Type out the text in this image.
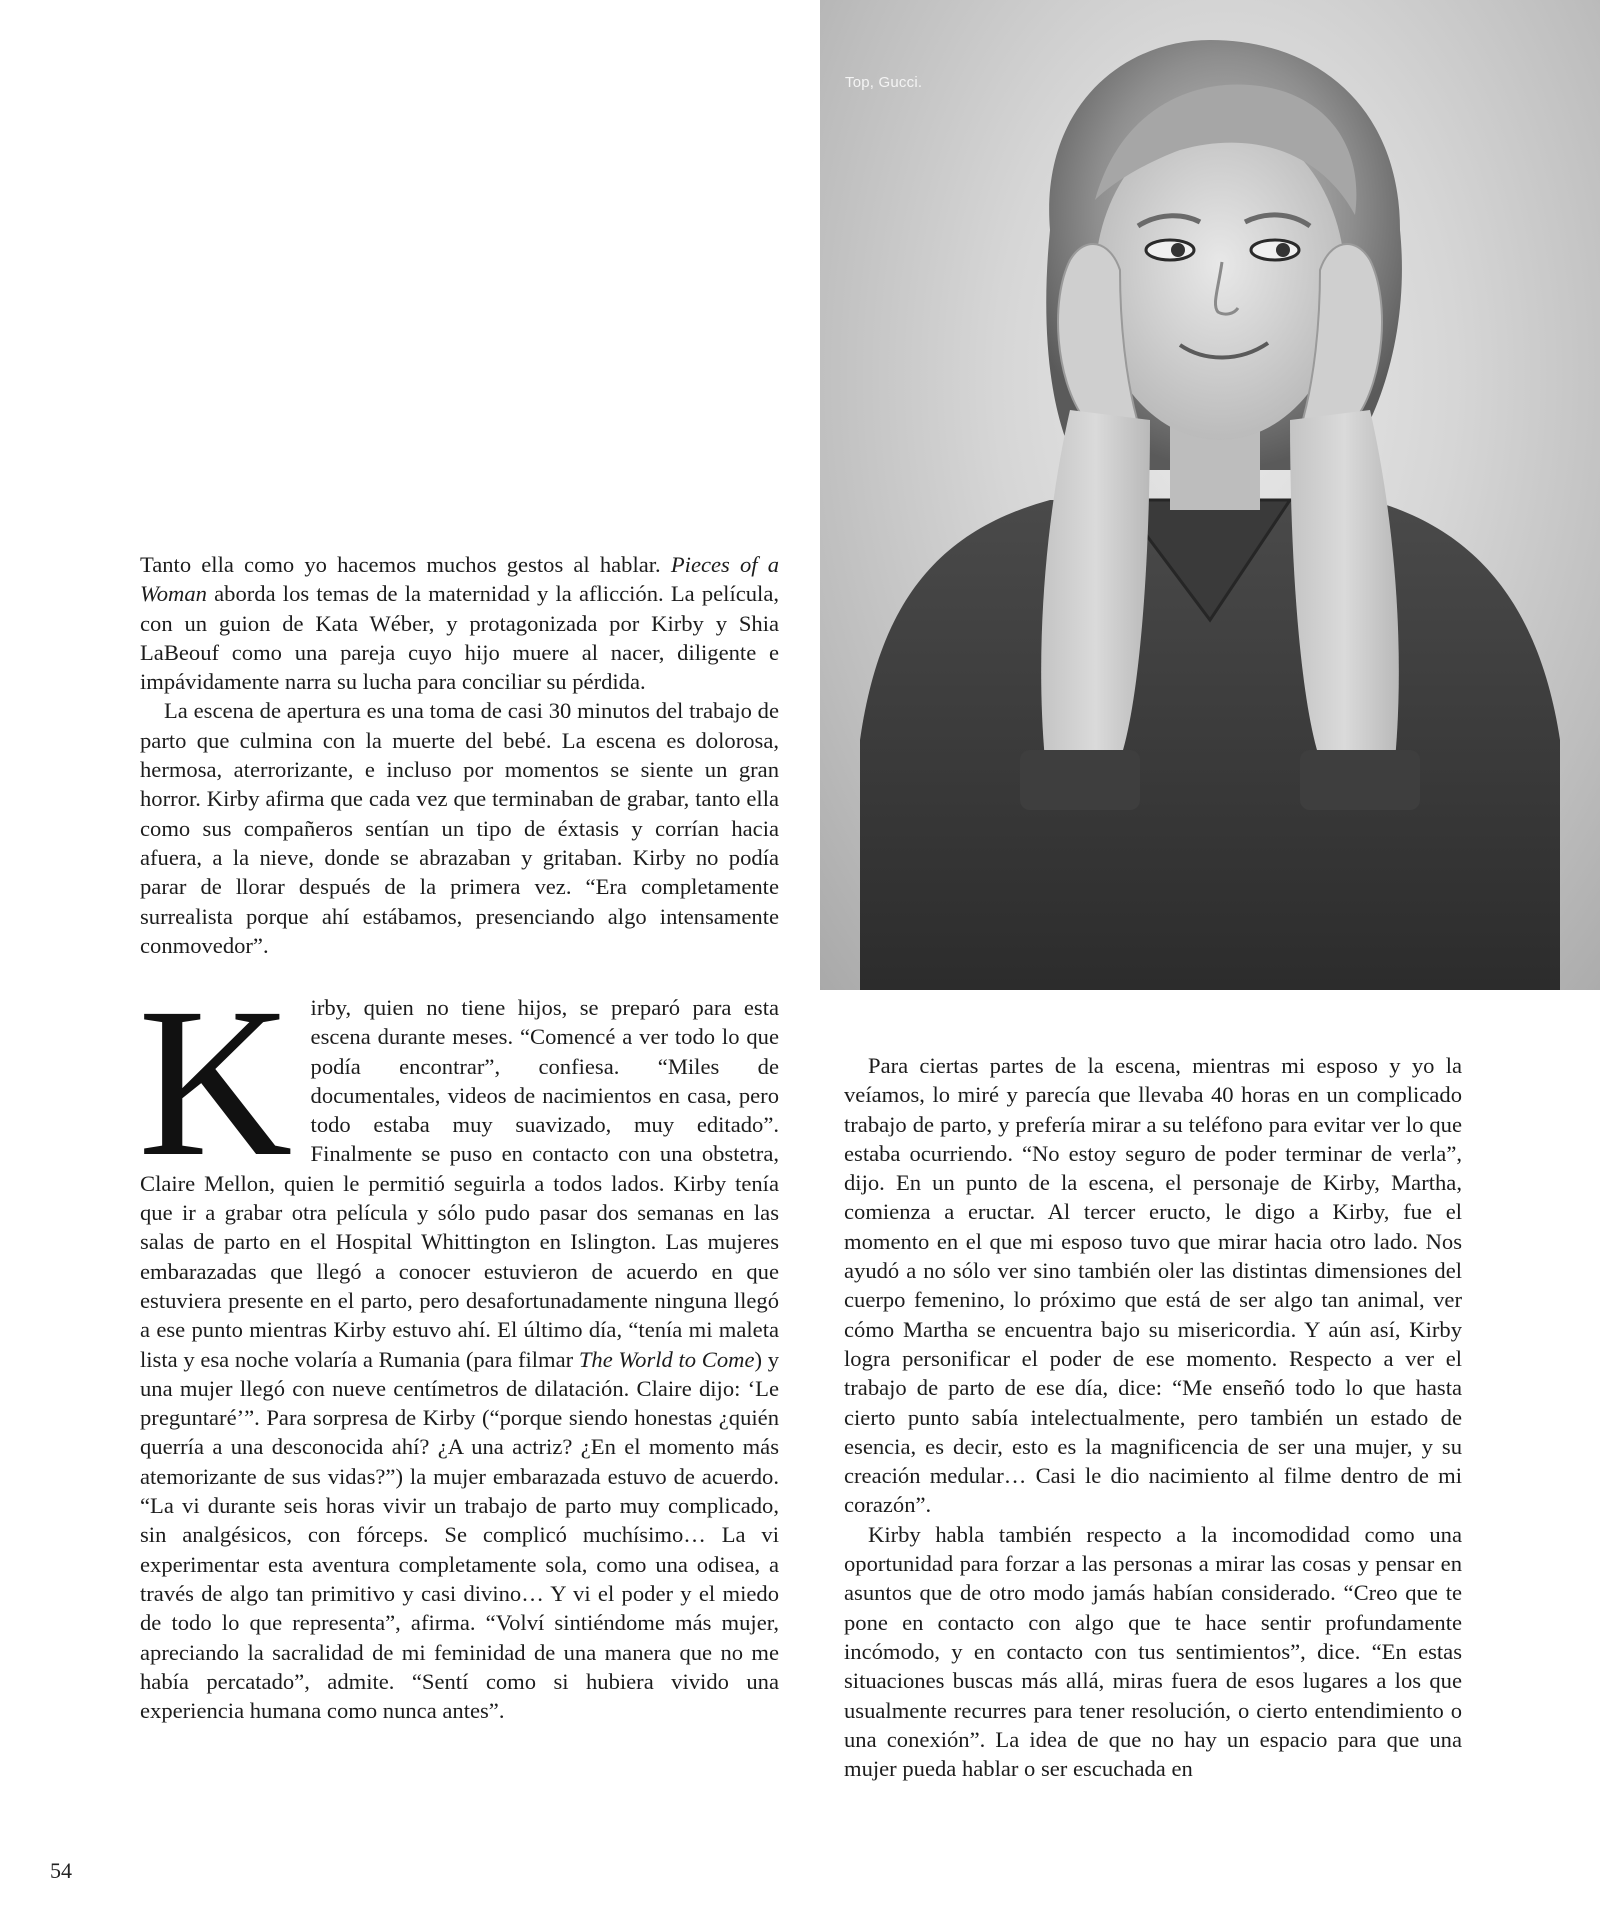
Top, Gucci.

Tanto ella como yo hacemos muchos gestos al hablar. Pieces of a Woman aborda los temas de la maternidad y la aflicción. La película, con un guion de Kata Wéber, y protagonizada por Kirby y Shia LaBeouf como una pareja cuyo hijo muere al nacer, diligente e impávidamente narra su lucha para conciliar su pérdida.

La escena de apertura es una toma de casi 30 minutos del trabajo de parto que culmina con la muerte del bebé. La escena es dolorosa, hermosa, aterrorizante, e incluso por momentos se siente un gran horror. Kirby afirma que cada vez que terminaban de grabar, tanto ella como sus compañeros sentían un tipo de éxtasis y corrían hacia afuera, a la nieve, donde se abrazaban y gritaban. Kirby no podía parar de llorar después de la primera vez. “Era completamente surrealista porque ahí estábamos, presenciando algo intensamente conmovedor”.

Kirby, quien no tiene hijos, se preparó para esta escena durante meses. “Comencé a ver todo lo que podía encontrar”, confiesa. “Miles de documentales, videos de nacimientos en casa, pero todo estaba muy suavizado, muy editado”. Finalmente se puso en contacto con una obstetra, Claire Mellon, quien le permitió seguirla a todos lados. Kirby tenía que ir a grabar otra película y sólo pudo pasar dos semanas en las salas de parto en el Hospital Whittington en Islington. Las mujeres embarazadas que llegó a conocer estuvieron de acuerdo en que estuviera presente en el parto, pero desafortunadamente ninguna llegó a ese punto mientras Kirby estuvo ahí. El último día, “tenía mi maleta lista y esa noche volaría a Rumania (para filmar The World to Come) y una mujer llegó con nueve centímetros de dilatación. Claire dijo: ‘Le preguntaré’”. Para sorpresa de Kirby (“porque siendo honestas ¿quién querría a una desconocida ahí? ¿A una actriz? ¿En el momento más atemorizante de sus vidas?”) la mujer embarazada estuvo de acuerdo. “La vi durante seis horas vivir un trabajo de parto muy complicado, sin analgésicos, con fórceps. Se complicó muchísimo… La vi experimentar esta aventura completamente sola, como una odisea, a través de algo tan primitivo y casi divino… Y vi el poder y el miedo de todo lo que representa”, afirma. “Volví sintiéndome más mujer, apreciando la sacralidad de mi feminidad de una manera que no me había percatado”, admite. “Sentí como si hubiera vivido una experiencia humana como nunca antes”.

Para ciertas partes de la escena, mientras mi esposo y yo la veíamos, lo miré y parecía que llevaba 40 horas en un complicado trabajo de parto, y prefería mirar a su teléfono para evitar ver lo que estaba ocurriendo. “No estoy seguro de poder terminar de verla”, dijo. En un punto de la escena, el personaje de Kirby, Martha, comienza a eructar. Al tercer eructo, le digo a Kirby, fue el momento en el que mi esposo tuvo que mirar hacia otro lado. Nos ayudó a no sólo ver sino también oler las distintas dimensiones del cuerpo femenino, lo próximo que está de ser algo tan animal, ver cómo Martha se encuentra bajo su misericordia. Y aún así, Kirby logra personificar el poder de ese momento. Respecto a ver el trabajo de parto de ese día, dice: “Me enseñó todo lo que hasta cierto punto sabía intelectualmente, pero también un estado de esencia, es decir, esto es la magnificencia de ser una mujer, y su creación medular… Casi le dio nacimiento al filme dentro de mi corazón”.

Kirby habla también respecto a la incomodidad como una oportunidad para forzar a las personas a mirar las cosas y pensar en asuntos que de otro modo jamás habían considerado. “Creo que te pone en contacto con algo que te hace sentir profundamente incómodo, y en contacto con tus sentimientos”, dice. “En estas situaciones buscas más allá, miras fuera de esos lugares a los que usualmente recurres para tener resolución, o cierto entendimiento o una conexión”. La idea de que no hay un espacio para que una mujer pueda hablar o ser escuchada en

54
